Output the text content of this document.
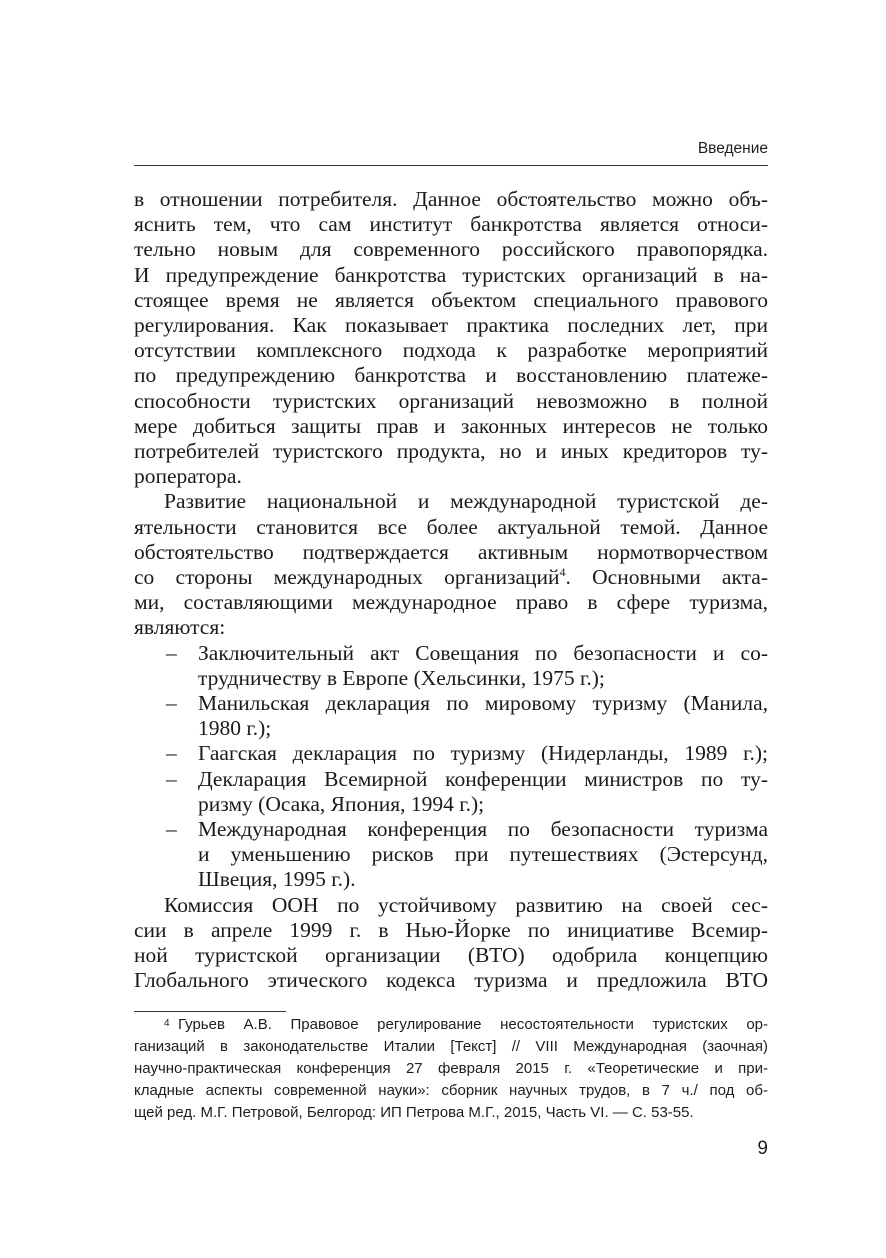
Введение
в отношении потребителя. Данное обстоятельство можно объ-
яснить тем, что сам институт банкротства является относи-
тельно новым для современного российского правопорядка.
И предупреждение банкротства туристских организаций в на-
стоящее время не является объектом специального правового
регулирования. Как показывает практика последних лет, при
отсутствии комплексного подхода к разработке мероприятий
по предупреждению банкротства и восстановлению платеже-
способности туристских организаций невозможно в полной
мере добиться защиты прав и законных интересов не только
потребителей туристского продукта, но и иных кредиторов ту-
роператора.
Развитие национальной и международной туристской де-
ятельности становится все более актуальной темой. Данное
обстоятельство подтверждается активным нормотворчеством
со стороны международных организаций$^4$. Основными акта-
ми, составляющими международное право в сфере туризма,
являются:
– Заключительный акт Совещания по безопасности и со-
трудничеству в Европе (Хельсинки, 1975 г.);
– Манильская декларация по мировому туризму (Манила,
1980 г.);
– Гаагская декларация по туризму (Нидерланды, 1989 г.);
– Декларация Всемирной конференции министров по ту-
ризму (Осака, Япония, 1994 г.);
– Международная конференция по безопасности туризма
и уменьшению рисков при путешествиях (Эстерсунд,
Швеция, 1995 г.).
Комиссия ООН по устойчивому развитию на своей сес-
сии в апреле 1999 г. в Нью-Йорке по инициативе Всемир-
ной туристской организации (ВТО) одобрила концепцию
Глобального этического кодекса туризма и предложила ВТО
4 Гурьев А.В. Правовое регулирование несостоятельности туристских ор-
ганизаций в законодательстве Италии [Текст] // VIII Международная (заочная)
научно-практическая конференция 27 февраля 2015 г. «Теоретические и при-
кладные аспекты современной науки»: сборник научных трудов, в 7 ч./ под об-
щей ред. М.Г. Петровой, Белгород: ИП Петрова М.Г., 2015, Часть VI. — С. 53-55.
9
